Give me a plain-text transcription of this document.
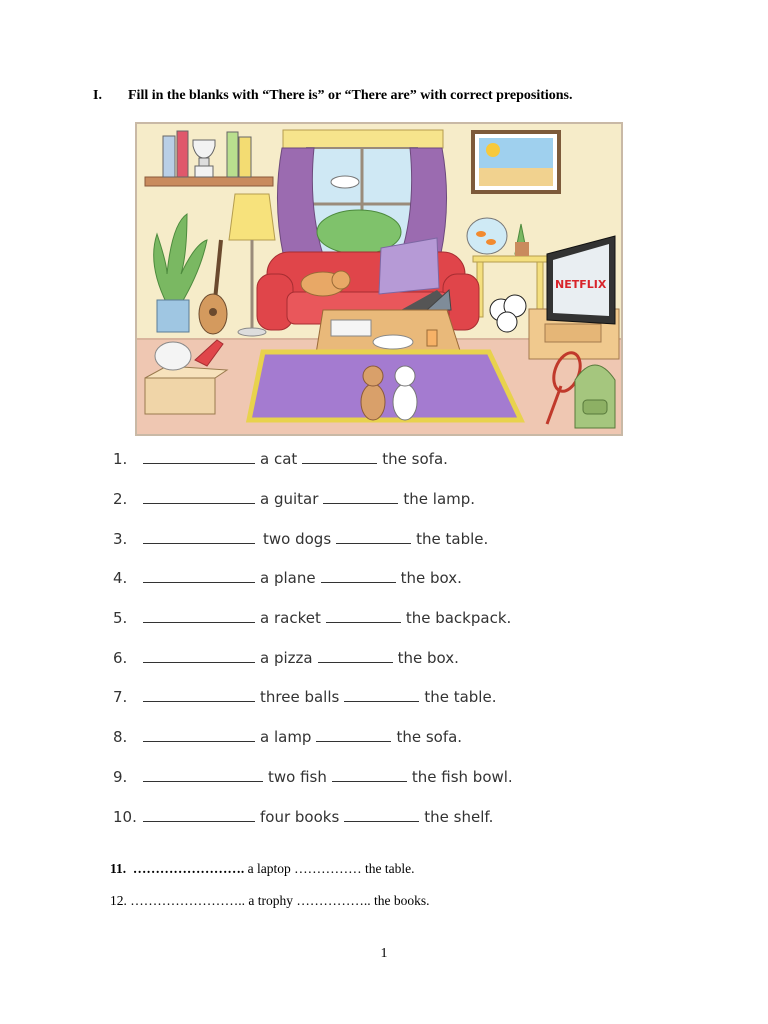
I.	Fill in the blanks with “There is” or “There are” with correct prepositions.
NETFLIX
1.	a cat	the sofa.
2.	a guitar	the lamp.
3.	two dogs	the table.
4.	a plane	the box.
5.	a racket	the backpack.
6.	a pizza	the box.
7.	three balls	the table.
8.	a lamp	the sofa.
9.	two fish	the fish bowl.
10.	four books	the shelf.
11. ……………………. a laptop …………… the table.
12. …………………….. a trophy …………….. the books.
1
